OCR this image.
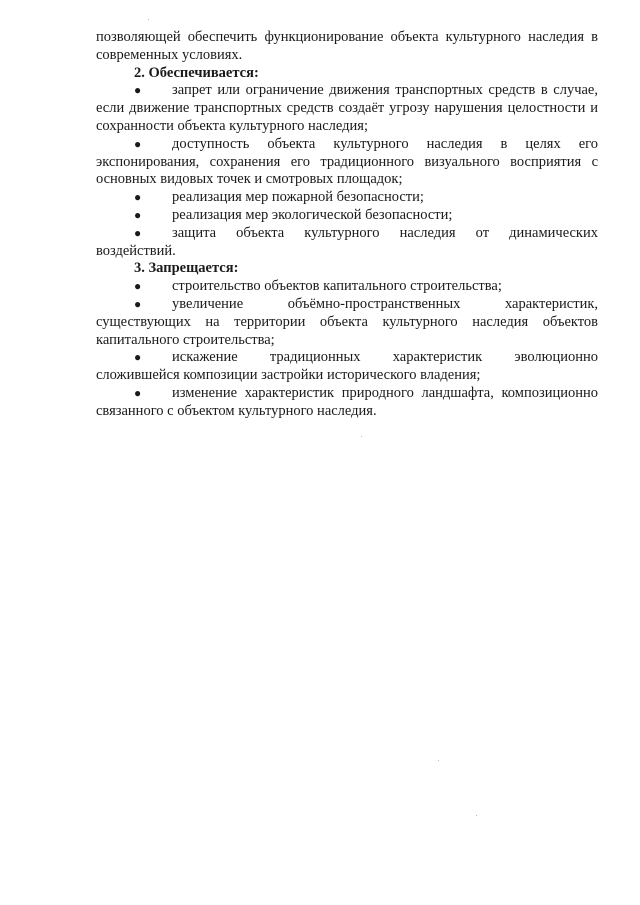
позволяющей обеспечить функционирование объекта культурного наследия в современных условиях.

2. Обеспечивается:

● запрет или ограничение движения транспортных средств в случае, если движение транспортных средств создаёт угрозу нарушения целостности и сохранности объекта культурного наследия;

● доступность объекта культурного наследия в целях его экспонирования, сохранения его традиционного визуального восприятия с основных видовых точек и смотровых площадок;

● реализация мер пожарной безопасности;

● реализация мер экологической безопасности;

● защита объекта культурного наследия от динамических воздействий.

3. Запрещается:

● строительство объектов капитального строительства;

● увеличение объёмно-пространственных характеристик, существующих на территории объекта культурного наследия объектов капитального строительства;

● искажение традиционных характеристик эволюционно сложившейся композиции застройки исторического владения;

● изменение характеристик природного ландшафта, композиционно связанного с объектом культурного наследия.
